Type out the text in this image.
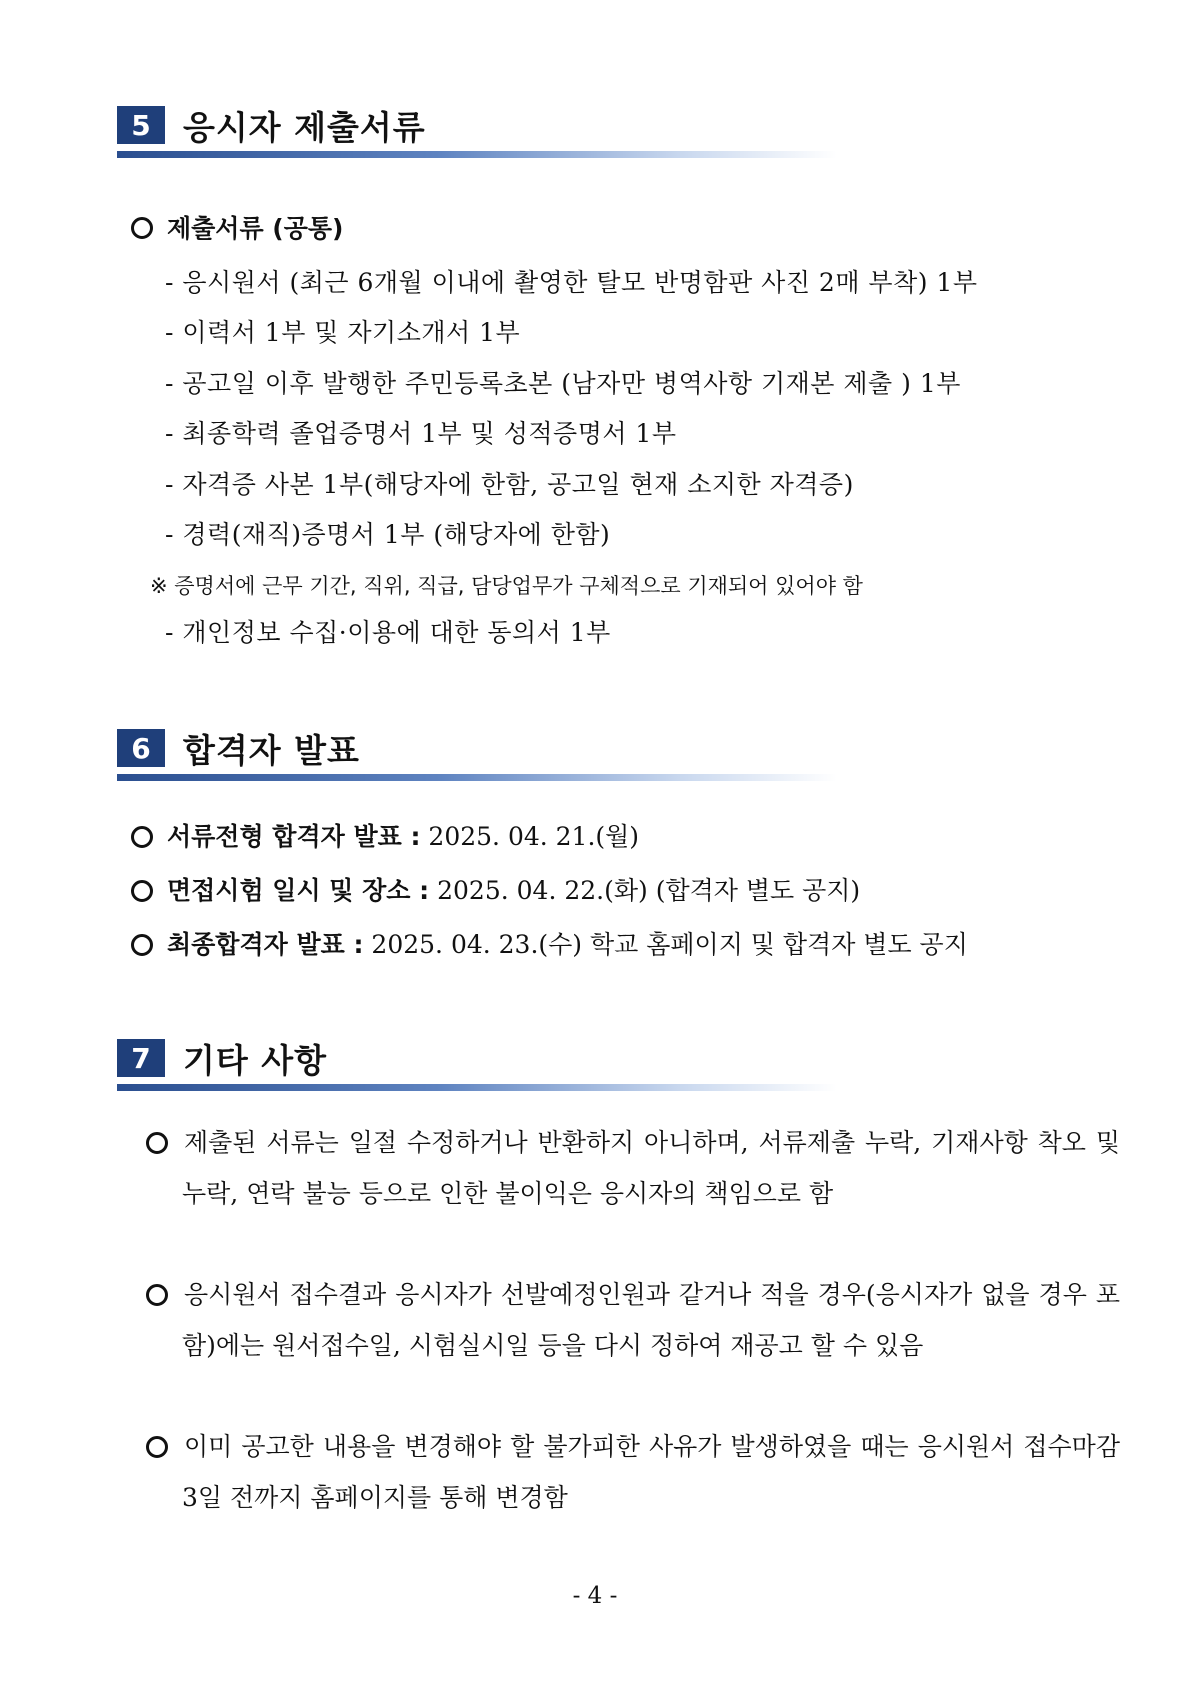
5 응시자 제출서류
제출서류 (공통)
- 응시원서 (최근 6개월 이내에 촬영한 탈모 반명함판 사진 2매 부착) 1부
- 이력서 1부 및 자기소개서 1부
- 공고일 이후 발행한 주민등록초본 (남자만 병역사항 기재본 제출 ) 1부
- 최종학력 졸업증명서 1부 및 성적증명서 1부
- 자격증 사본 1부(해당자에 한함, 공고일 현재 소지한 자격증)
- 경력(재직)증명서 1부 (해당자에 한함)
※ 증명서에 근무 기간, 직위, 직급, 담당업무가 구체적으로 기재되어 있어야 함
- 개인정보 수집·이용에 대한 동의서 1부
6 합격자 발표
서류전형 합격자 발표 : 2025. 04. 21.(월)
면접시험 일시 및 장소 : 2025. 04. 22.(화) (합격자 별도 공지)
최종합격자 발표 : 2025. 04. 23.(수) 학교 홈페이지 및 합격자 별도 공지
7 기타 사항
제출된 서류는 일절 수정하거나 반환하지 아니하며, 서류제출 누락, 기재사항 착오 및 누락, 연락 불능 등으로 인한 불이익은 응시자의 책임으로 함
응시원서 접수결과 응시자가 선발예정인원과 같거나 적을 경우(응시자가 없을 경우 포함)에는 원서접수일, 시험실시일 등을 다시 정하여 재공고 할 수 있음
이미 공고한 내용을 변경해야 할 불가피한 사유가 발생하였을 때는 응시원서 접수마감 3일 전까지 홈페이지를 통해 변경함
- 4 -
